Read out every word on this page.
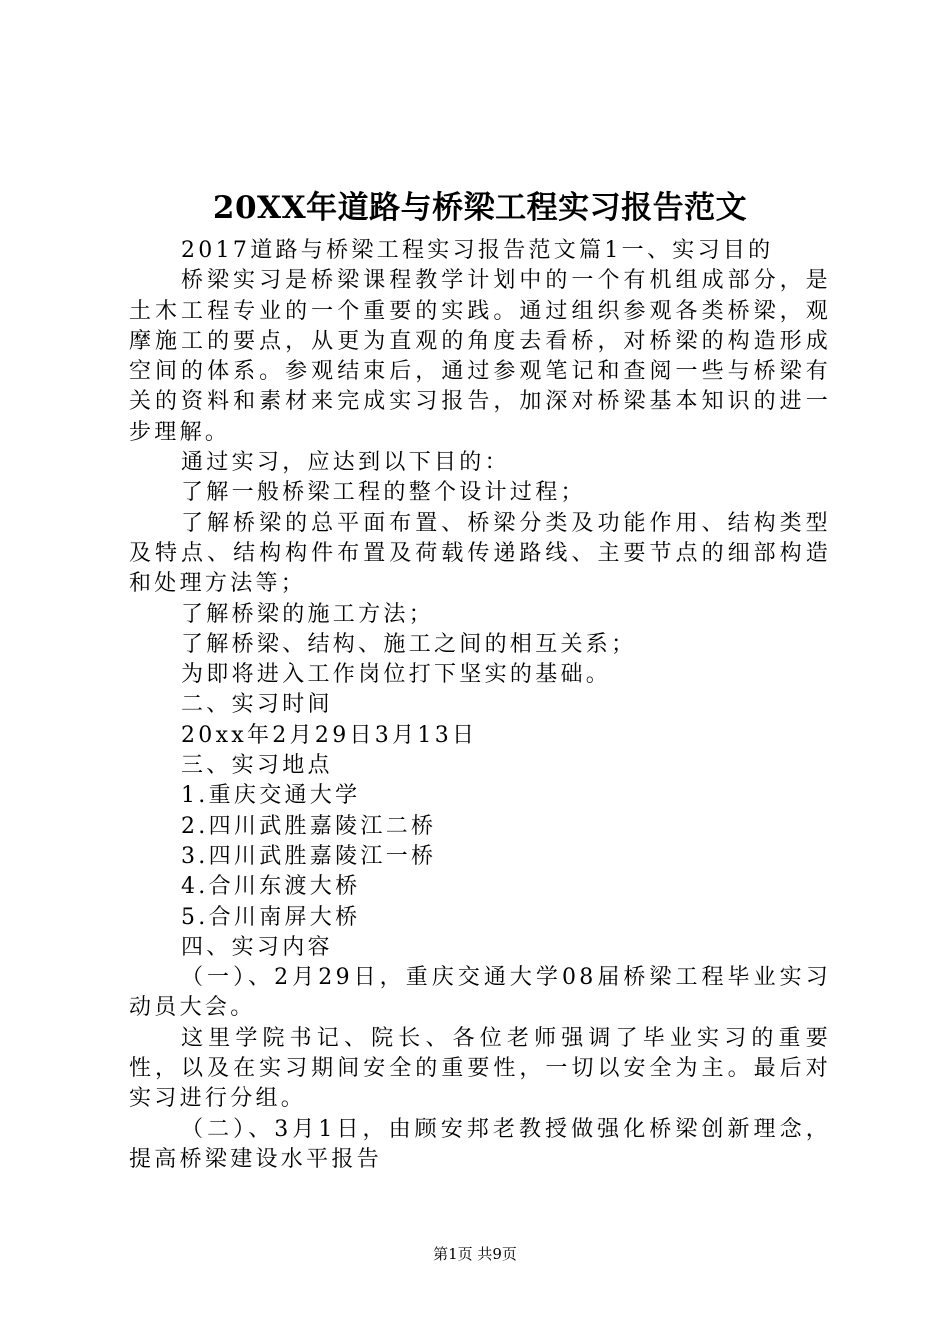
20XX年道路与桥梁工程实习报告范文

2017道路与桥梁工程实习报告范文篇1一、实习目的

桥梁实习是桥梁课程教学计划中的一个有机组成部分，是土木工程专业的一个重要的实践。通过组织参观各类桥梁，观摩施工的要点，从更为直观的角度去看桥，对桥梁的构造形成空间的体系。参观结束后，通过参观笔记和查阅一些与桥梁有关的资料和素材来完成实习报告，加深对桥梁基本知识的进一步理解。

通过实习，应达到以下目的：

了解一般桥梁工程的整个设计过程；

了解桥梁的总平面布置、桥梁分类及功能作用、结构类型及特点、结构构件布置及荷载传递路线、主要节点的细部构造和处理方法等；

了解桥梁的施工方法；

了解桥梁、结构、施工之间的相互关系；

为即将进入工作岗位打下坚实的基础。

二、实习时间

20xx年2月29日3月13日

三、实习地点

1.重庆交通大学

2.四川武胜嘉陵江二桥

3.四川武胜嘉陵江一桥

4.合川东渡大桥

5.合川南屏大桥

四、实习内容

（一）、2月29日，重庆交通大学08届桥梁工程毕业实习动员大会。

这里学院书记、院长、各位老师强调了毕业实习的重要性，以及在实习期间安全的重要性，一切以安全为主。最后对实习进行分组。

（二）、3月1日，由顾安邦老教授做强化桥梁创新理念，提高桥梁建设水平报告

第1页 共9页
